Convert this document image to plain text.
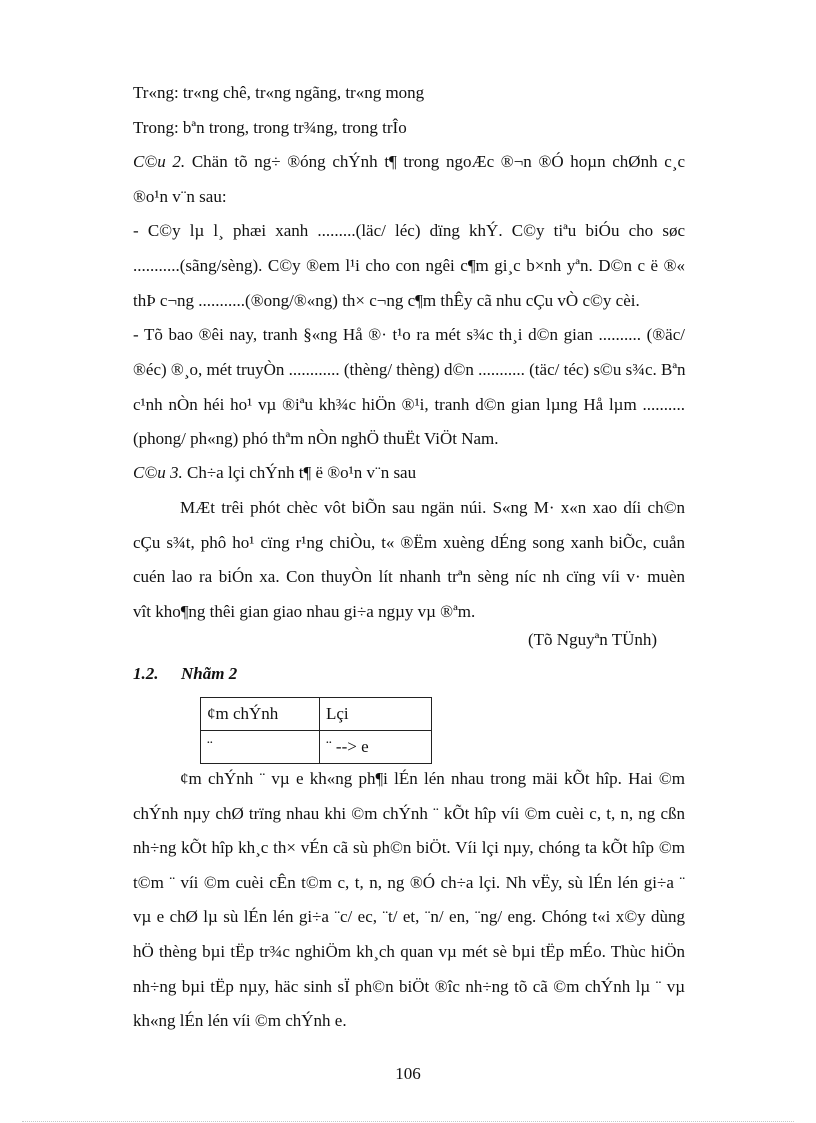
Tr«ng: tr«ng chê, tr«ng ngãng, tr«ng mong
Trong: bªn trong, trong tr¾ng, trong trÎo
C©u 2. Chän tõ ng÷ ®óng chÝnh t¶ trong ngoÆc ®¬n ®Ó hoµn chØnh c¸c
®o¹n v¨n sau:
- C©y lµ l¸ phæi xanh .........(läc/ léc) dïng khÝ. C©y tiªu biÓu cho søc
...........(sãng/sèng). C©y ®em l¹i cho con ngêi c¶m gi¸c b×nh yªn. D©n c ë ®«
thÞ c¬ng ...........(®ong/®«ng) th× c¬ng c¶m thÊy cã nhu cÇu vÒ c©y cèi.
- Tõ bao ®êi nay, tranh §«ng Hå ®· t¹o ra mét s¾c th¸i d©n gian .......... (®äc/
®éc) ®¸o, mét truyÒn ............ (thèng/ thèng) d©n ........... (täc/ téc) s©u s¾c. Bªn
c¹nh nÒn héi ho¹ vµ ®iªu kh¾c hiÖn ®¹i, tranh d©n gian lµng Hå lµm ..........
(phong/ ph«ng) phó thªm nÒn nghÖ thuËt ViÖt Nam.
C©u 3. Ch÷a lçi chÝnh t¶ ë ®o¹n v¨n sau
MÆt trêi phót chèc vôt biÕn sau ngän núi. S«ng M· x«n xao díi ch©n
cÇu s¾t, phô ho¹ cïng r¹ng chiÒu, t« ®Ëm xuèng dÉng song xanh biÕc, cuån
cuén lao ra biÓn xa. Con thuyÒn lít nhanh trªn sèng níc nh cïng víi v· muèn
vît kho¶ng thêi gian giao nhau gi÷a ngµy vµ ®ªm.
(Tõ Nguyªn TÜnh)
1.2. Nhãm 2
¢m chÝnh	Lçi
¨	¨ --> e
¢m chÝnh ¨ vµ e kh«ng ph¶i lÉn lén nhau trong mäi kÕt hîp. Hai ©m
chÝnh nµy chØ trïng nhau khi ©m chÝnh ¨ kÕt hîp víi ©m cuèi c, t, n, ng cßn
nh÷ng kÕt hîp kh¸c th× vÉn cã sù ph©n biÖt. Víi lçi nµy, chóng ta kÕt hîp ©m
t©m ¨ víi ©m cuèi cÊn t©m c, t, n, ng ®Ó ch÷a lçi. Nh vËy, sù lÉn lén gi÷a ¨
vµ e chØ lµ sù lÉn lén gi÷a ¨c/ ec, ¨t/ et, ¨n/ en, ¨ng/ eng. Chóng t«i x©y dùng
hÖ thèng bµi tËp tr¾c nghiÖm kh¸ch quan vµ mét sè bµi tËp mÉo. Thùc hiÖn
nh÷ng bµi tËp nµy, häc sinh sÏ ph©n biÖt ®îc nh÷ng tõ cã ©m chÝnh lµ ¨ vµ
kh«ng lÉn lén víi ©m chÝnh e.
106
